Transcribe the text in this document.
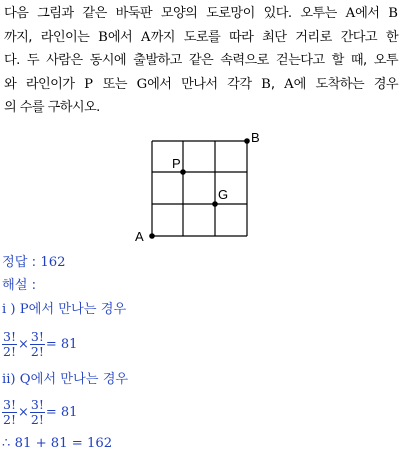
다음 그림과 같은 바둑판 모양의 도로망이 있다. 오투는 A에서 B

까지, 라인이는 B에서 A까지 도로를 따라 최단 거리로 간다고 한

다. 두 사람은 동시에 출발하고 같은 속력으로 걷는다고 할 때, 오투

와 라인이가 P 또는 G에서 만나서 각각 B, A에 도착하는 경우

의 수를 구하시오.

A
B
P
G
정답 : 162
해설 :
i ) P에서 만나는 경우
$\frac{3!}{2!} \times \frac{3!}{2!} = 81$
ii) Q에서 만나는 경우
$\frac{3!}{2!} \times \frac{3!}{2!} = 81$
∴ 81 + 81 = 162
